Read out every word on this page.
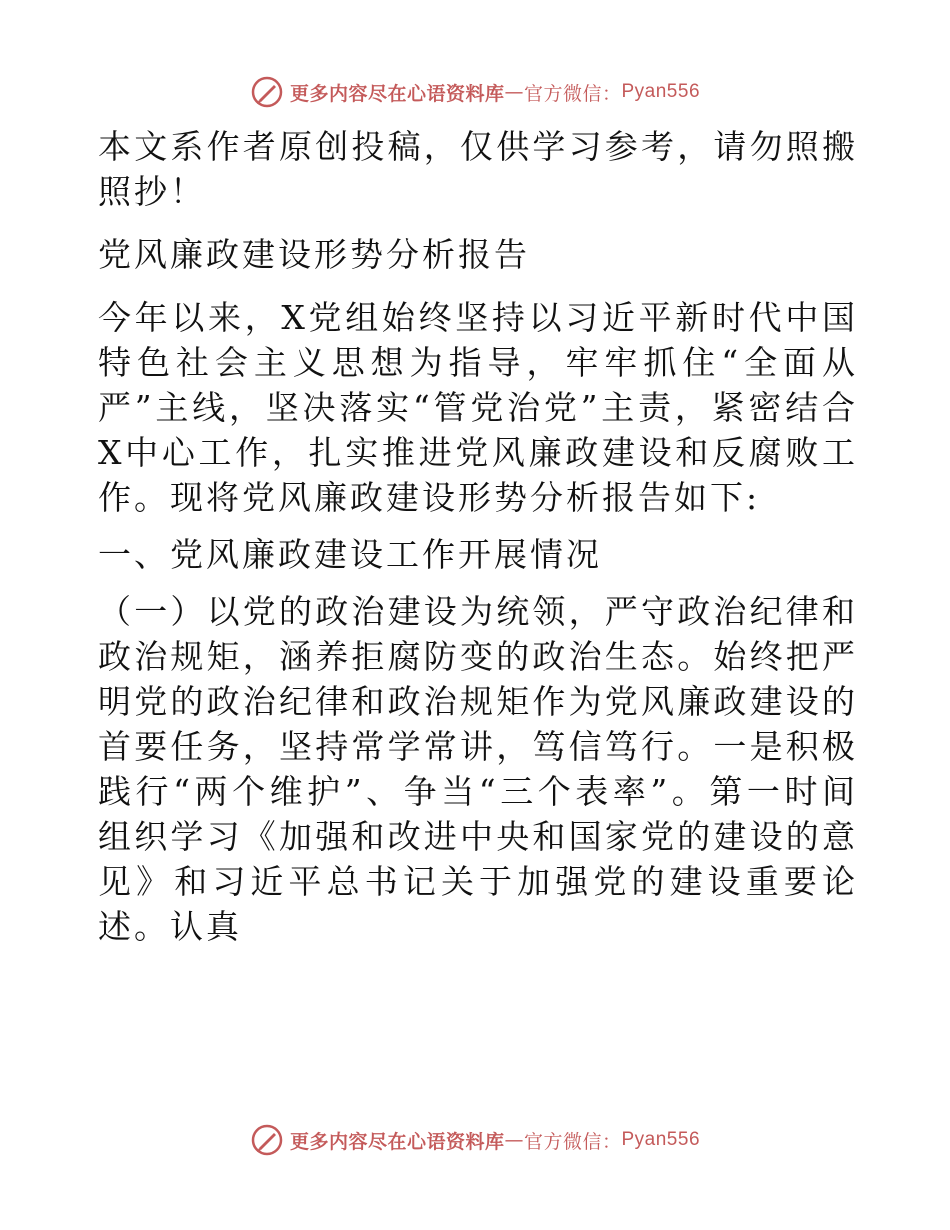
更多内容尽在心语资料库 — 官方微信： Pyan556

本文系作者原创投稿，仅供学习参考，请勿照搬照抄！

党风廉政建设形势分析报告

今年以来，X党组始终坚持以习近平新时代中国特色社会主义思想为指导，牢牢抓住“全面从严”主线，坚决落实“管党治党”主责，紧密结合X中心工作，扎实推进党风廉政建设和反腐败工作。现将党风廉政建设形势分析报告如下:

一、党风廉政建设工作开展情况

（一）以党的政治建设为统领，严守政治纪律和政治规矩，涵养拒腐防变的政治生态。始终把严明党的政治纪律和政治规矩作为党风廉政建设的首要任务，坚持常学常讲，笃信笃行。一是积极践行“两个维护”、争当“三个表率”。第一时间组织学习《加强和改进中央和国家党的建设的意见》和习近平总书记关于加强党的建设重要论述。认真

更多内容尽在心语资料库 — 官方微信： Pyan556
